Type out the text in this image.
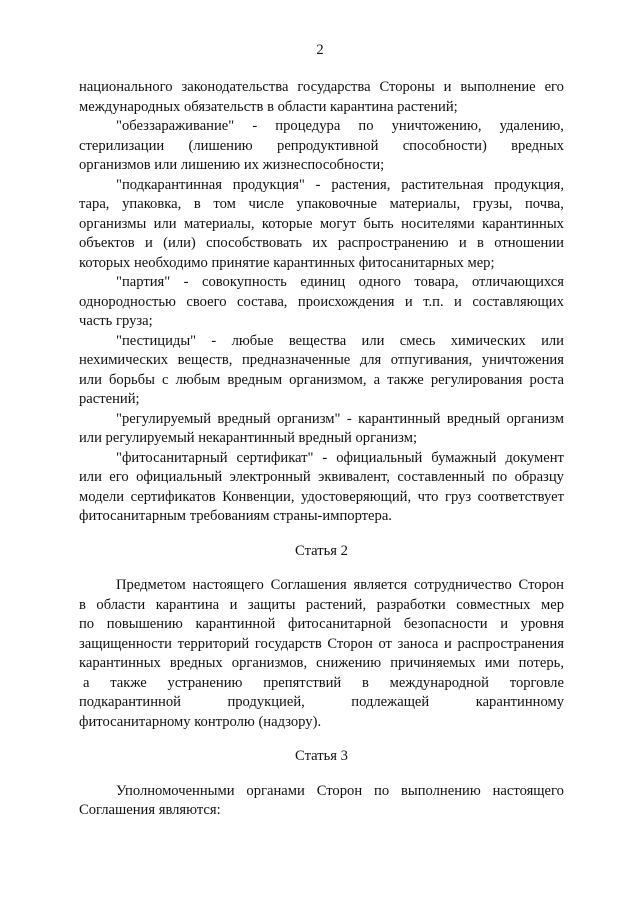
2
национального законодательства государства Стороны и выполнение его
международных обязательств в области карантина растений;
"обеззараживание" - процедура по уничтожению, удалению,
стерилизации (лишению репродуктивной способности) вредных
организмов или лишению их жизнеспособности;
"подкарантинная продукция" - растения, растительная продукция,
тара, упаковка, в том числе упаковочные материалы, грузы, почва,
организмы или материалы, которые могут быть носителями карантинных
объектов и (или) способствовать их распространению и в отношении
которых необходимо принятие карантинных фитосанитарных мер;
"партия" - совокупность единиц одного товара, отличающихся
однородностью своего состава, происхождения и т.п. и составляющих
часть груза;
"пестициды" - любые вещества или смесь химических или
нехимических веществ, предназначенные для отпугивания, уничтожения
или борьбы с любым вредным организмом, а также регулирования роста
растений;
"регулируемый вредный организм" - карантинный вредный организм
или регулируемый некарантинный вредный организм;
"фитосанитарный сертификат" - официальный бумажный документ
или его официальный электронный эквивалент, составленный по образцу
модели сертификатов Конвенции, удостоверяющий, что груз соответствует
фитосанитарным требованиям страны-импортера.
Статья 2
Предметом настоящего Соглашения является сотрудничество Сторон
в области карантина и защиты растений, разработки совместных мер
по повышению карантинной фитосанитарной безопасности и уровня
защищенности территорий государств Сторон от заноса и распространения
карантинных вредных организмов, снижению причиняемых ими потерь,
а также устранению препятствий в международной торговле
подкарантинной	продукцией,	подлежащей	карантинному
фитосанитарному контролю (надзору).
Статья 3
Уполномоченными органами Сторон по выполнению настоящего
Соглашения являются:
